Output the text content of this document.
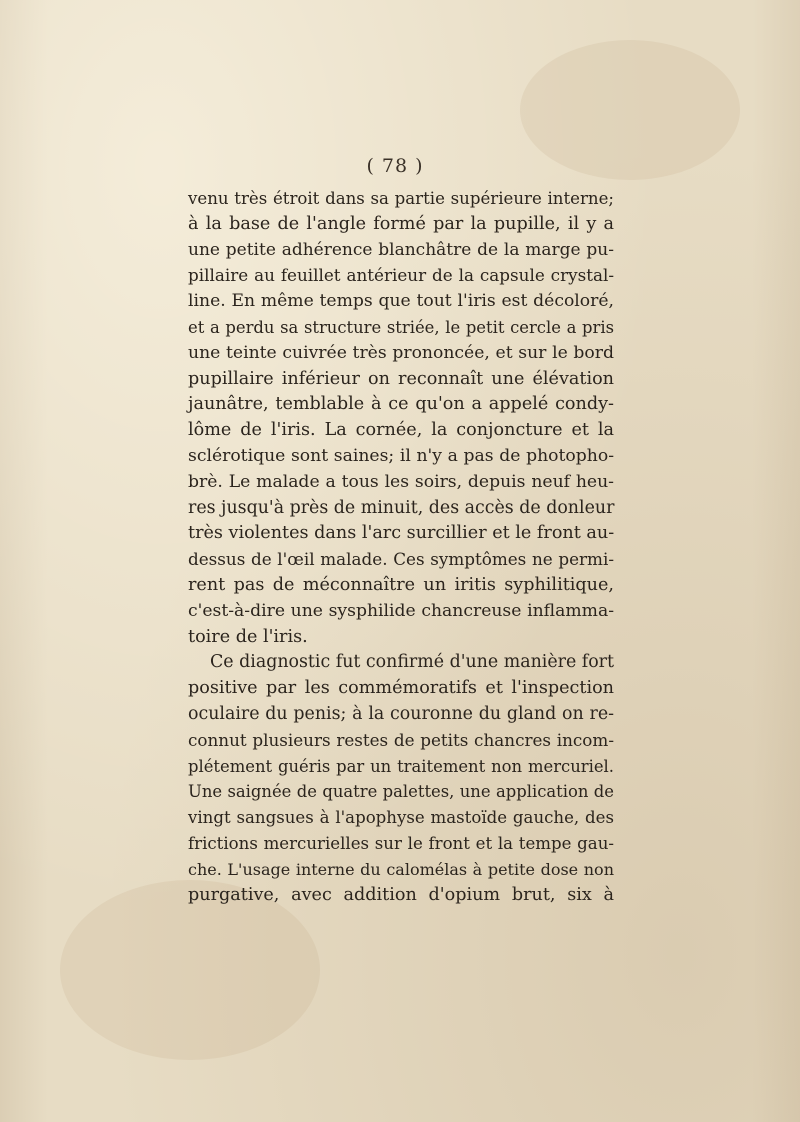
( 78 )
venu très étroit dans sa partie supérieure interne;
à la base de l'angle formé par la pupille, il y a
une petite adhérence blanchâtre de la marge pu-
pillaire au feuillet antérieur de la capsule crystal-
line. En même temps que tout l'iris est décoloré,
et a perdu sa structure striée, le petit cercle a pris
une teinte cuivrée très prononcée, et sur le bord
pupillaire inférieur on reconnaît une élévation
jaunâtre, temblable à ce qu'on a appelé condy-
lôme de l'iris. La cornée, la conjoncture et la
sclérotique sont saines; il n'y a pas de photopho-
brè. Le malade a tous les soirs, depuis neuf heu-
res jusqu'à près de minuit, des accès de donleur
très violentes dans l'arc surcillier et le front au-
dessus de l'œil malade. Ces symptômes ne permi-
rent pas de méconnaître un iritis syphilitique,
c'est-à-dire une sysphilide chancreuse inflamma-
toire de l'iris.
Ce diagnostic fut confirmé d'une manière fort
positive par les commémoratifs et l'inspection
oculaire du penis; à la couronne du gland on re-
connut plusieurs restes de petits chancres incom-
plétement guéris par un traitement non mercuriel.
Une saignée de quatre palettes, une application de
vingt sangsues à l'apophyse mastoïde gauche, des
frictions mercurielles sur le front et la tempe gau-
che. L'usage interne du calomélas à petite dose non
purgative, avec addition d'opium brut, six à
